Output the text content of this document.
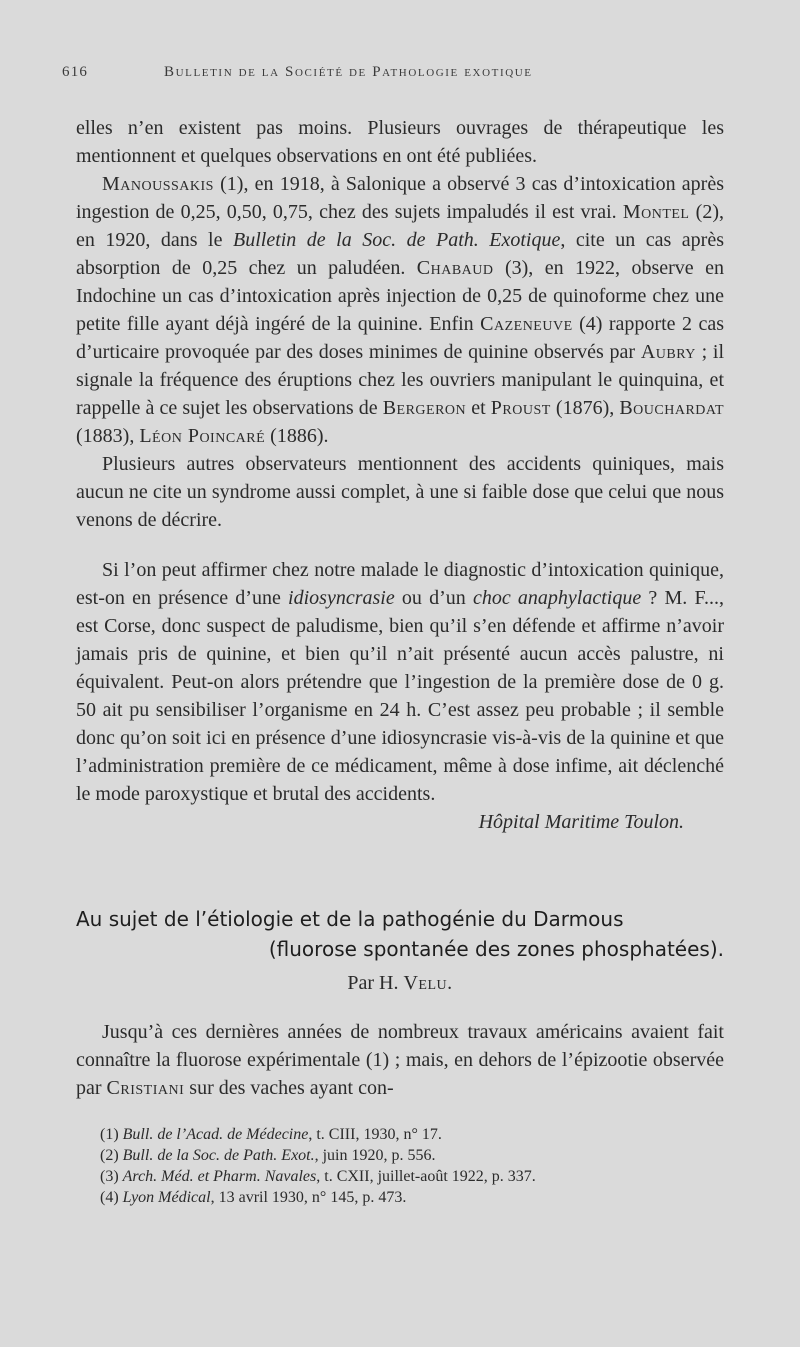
616	Bulletin de la Société de Pathologie exotique

elles n’en existent pas moins. Plusieurs ouvrages de thérapeutique les mentionnent et quelques observations en ont été publiées.

Manoussakis (1), en 1918, à Salonique a observé 3 cas d’intoxication après ingestion de 0,25, 0,50, 0,75, chez des sujets impaludés il est vrai. Montel (2), en 1920, dans le Bulletin de la Soc. de Path. Exotique, cite un cas après absorption de 0,25 chez un paludéen. Chabaud (3), en 1922, observe en Indochine un cas d’intoxication après injection de 0,25 de quinoforme chez une petite fille ayant déjà ingéré de la quinine. Enfin Cazeneuve (4) rapporte 2 cas d’urticaire provoquée par des doses minimes de quinine observés par Aubry ; il signale la fréquence des éruptions chez les ouvriers manipulant le quinquina, et rappelle à ce sujet les observations de Bergeron et Proust (1876), Bouchardat (1883), Léon Poincaré (1886).

Plusieurs autres observateurs mentionnent des accidents quiniques, mais aucun ne cite un syndrome aussi complet, à une si faible dose que celui que nous venons de décrire.

Si l’on peut affirmer chez notre malade le diagnostic d’intoxication quinique, est-on en présence d’une idiosyncrasie ou d’un choc anaphylactique ? M. F..., est Corse, donc suspect de paludisme, bien qu’il s’en défende et affirme n’avoir jamais pris de quinine, et bien qu’il n’ait présenté aucun accès palustre, ni équivalent. Peut-on alors prétendre que l’ingestion de la première dose de 0 g. 50 ait pu sensibiliser l’organisme en 24 h. C’est assez peu probable ; il semble donc qu’on soit ici en présence d’une idiosyncrasie vis-à-vis de la quinine et que l’administration première de ce médicament, même à dose infime, ait déclenché le mode paroxystique et brutal des accidents.

Hôpital Maritime Toulon.

Au sujet de l’étiologie et de la pathogénie du Darmous
(fluorose spontanée des zones phosphatées).
Par H. Velu.

Jusqu’à ces dernières années de nombreux travaux américains avaient fait connaître la fluorose expérimentale (1) ; mais, en dehors de l’épizootie observée par Cristiani sur des vaches ayant con-

(1) Bull. de l’Acad. de Médecine, t. CIII, 1930, n° 17.
(2) Bull. de la Soc. de Path. Exot., juin 1920, p. 556.
(3) Arch. Méd. et Pharm. Navales, t. CXII, juillet-août 1922, p. 337.
(4) Lyon Médical, 13 avril 1930, n° 145, p. 473.
